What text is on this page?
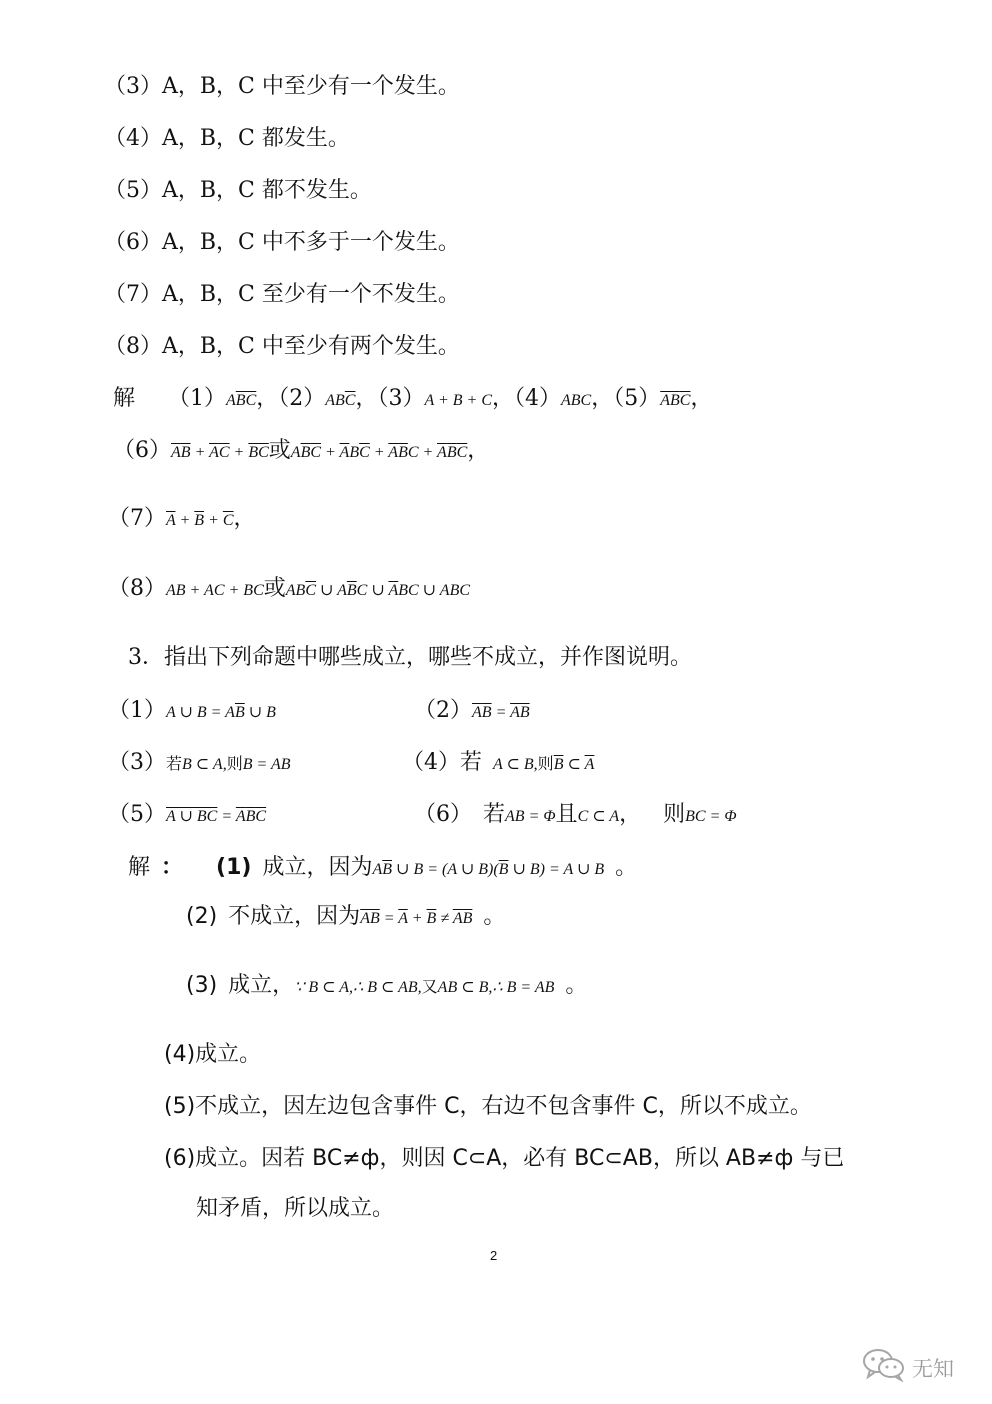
（3）A，B，C 中至少有一个发生。
（4）A，B，C 都发生。
（5）A，B，C 都不发生。
（6）A，B，C 中不多于一个发生。
（7）A，B，C 至少有一个不发生。
（8）A，B，C 中至少有两个发生。
解   $(1)A\overline{B}\overline{C}$，$(2)AB\overline{C}$，（3）A + B + C，（4）ABC，$(5)\overline{A}\overline{B}\overline{C}$，
$(6)\overline{A}\overline{B} + \overline{A}\overline{C} + \overline{B}\overline{C}$或$A\overline{B}\overline{C} + \overline{A}B\overline{C} + \overline{A}\overline{B}C + \overline{A}\overline{B}\overline{C}$，
$(7)\overline{A} + \overline{B} + \overline{C}$，
（8）AB + AC + BC或$AB\overline{C}$ ∪ $A\overline{B}C$ ∪ $\overline{A}BC$ ∪ ABC
3．指出下列命题中哪些成立，哪些不成立，并作图说明。
（1）A ∪ $B = A\overline{B}$ ∪ B	$(2)\overline{A}\overline{B} = \overline{AB}$
（3）若B ⊂ A,则B = AB	（4）若  A ⊂ B,则$\overline{B}$ ⊂ $\overline{A}$
（5）A ∪ BC = $\overline{A}\overline{B}\overline{C}$	（6）  若AB = Φ且C ⊂ A， 则BC = Φ
解  ：   (1)  成立，因为$A\overline{B}$ ∪ B = (A ∪ $B)(\overline{B}$ ∪ B) = A ∪ B  。
(2)  不成立，因为$\overline{AB} = \overline{A} + \overline{B} \ne \overline{A}\overline{B}$  。
(3)  成立，∵ B ⊂ A,∴ B ⊂ AB,又AB ⊂ B,∴ B = AB  。
(4)成立。
(5)不成立，因左边包含事件 C，右边不包含事件 C，所以不成立。
(6)成立。因若 BC≠ф，则因 C⊂A，必有 BC⊂AB，所以 AB≠ф 与已
知矛盾，所以成立。
2
无知
